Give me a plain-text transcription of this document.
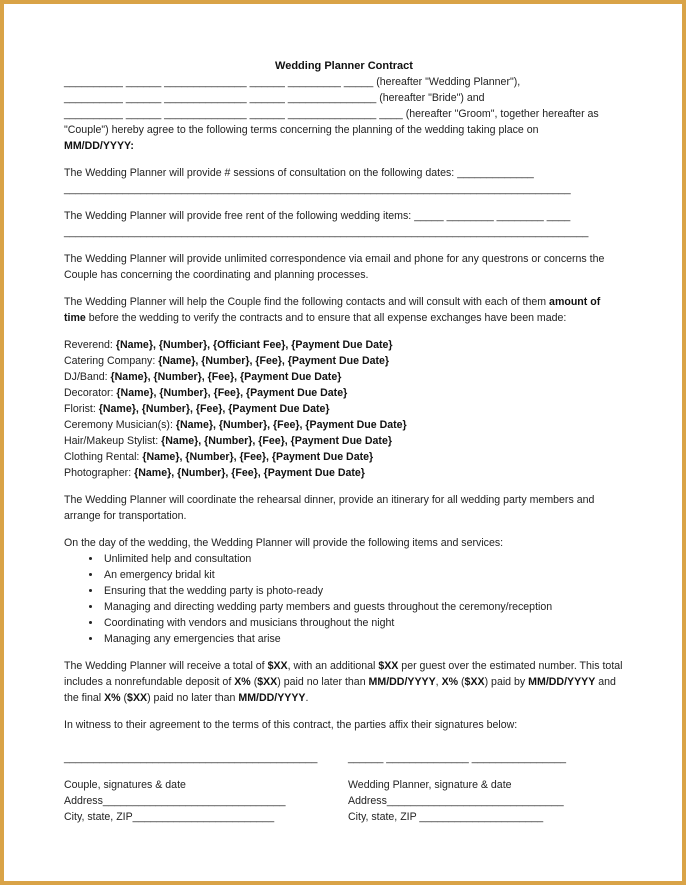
Wedding Planner Contract
__________ ______ ______________ ______ _________ _____ (hereafter "Wedding Planner"),
__________ ______ ______________ ______ _______________ (hereafter "Bride") and
__________ ______ ______________ ______ _______________ ____ (hereafter "Groom", together hereafter as
"Couple") hereby agree to the following terms concerning the planning of the wedding taking place on
MM/DD/YYYY:
The Wedding Planner will provide # sessions of consultation on the following dates: _____________
______________________________________________________________________________________
The Wedding Planner will provide free rent of the following wedding items: _____ ________ ________ ____
_________________________________________________________________________________________
The Wedding Planner will provide unlimited correspondence via email and phone for any questrons or concerns the Couple has concerning the coordinating and planning processes.
The Wedding Planner will help the Couple find the following contacts and will consult with each of them amount of time before the wedding to verify the contracts and to ensure that all expense exchanges have been made:
Reverend: {Name}, {Number}, {Officiant Fee}, {Payment Due Date}
Catering Company: {Name}, {Number}, {Fee}, {Payment Due Date}
DJ/Band: {Name}, {Number}, {Fee}, {Payment Due Date}
Decorator: {Name}, {Number}, {Fee}, {Payment Due Date}
Florist: {Name}, {Number}, {Fee}, {Payment Due Date}
Ceremony Musician(s): {Name}, {Number}, {Fee}, {Payment Due Date}
Hair/Makeup Stylist: {Name}, {Number}, {Fee}, {Payment Due Date}
Clothing Rental: {Name}, {Number}, {Fee}, {Payment Due Date}
Photographer: {Name}, {Number}, {Fee}, {Payment Due Date}
The Wedding Planner will coordinate the rehearsal dinner, provide an itinerary for all wedding party members and arrange for transportation.
On the day of the wedding, the Wedding Planner will provide the following items and services:
• Unlimited help and consultation
• An emergency bridal kit
• Ensuring that the wedding party is photo-ready
• Managing and directing wedding party members and guests throughout the ceremony/reception
• Coordinating with vendors and musicians throughout the night
• Managing any emergencies that arise
The Wedding Planner will receive a total of $XX, with an additional $XX per guest over the estimated number. This total includes a nonrefundable deposit of X% ($XX) paid no later than MM/DD/YYYY, X% ($XX) paid by MM/DD/YYYY and the final X% ($XX) paid no later than MM/DD/YYYY.
In witness to their agreement to the terms of this contract, the parties affix their signatures below:
___________________________________________
Couple, signatures & date
Address_______________________________
City, state, ZIP________________________
______ ______________ ________________
Wedding Planner, signature & date
Address______________________________
City, state, ZIP _____________________
